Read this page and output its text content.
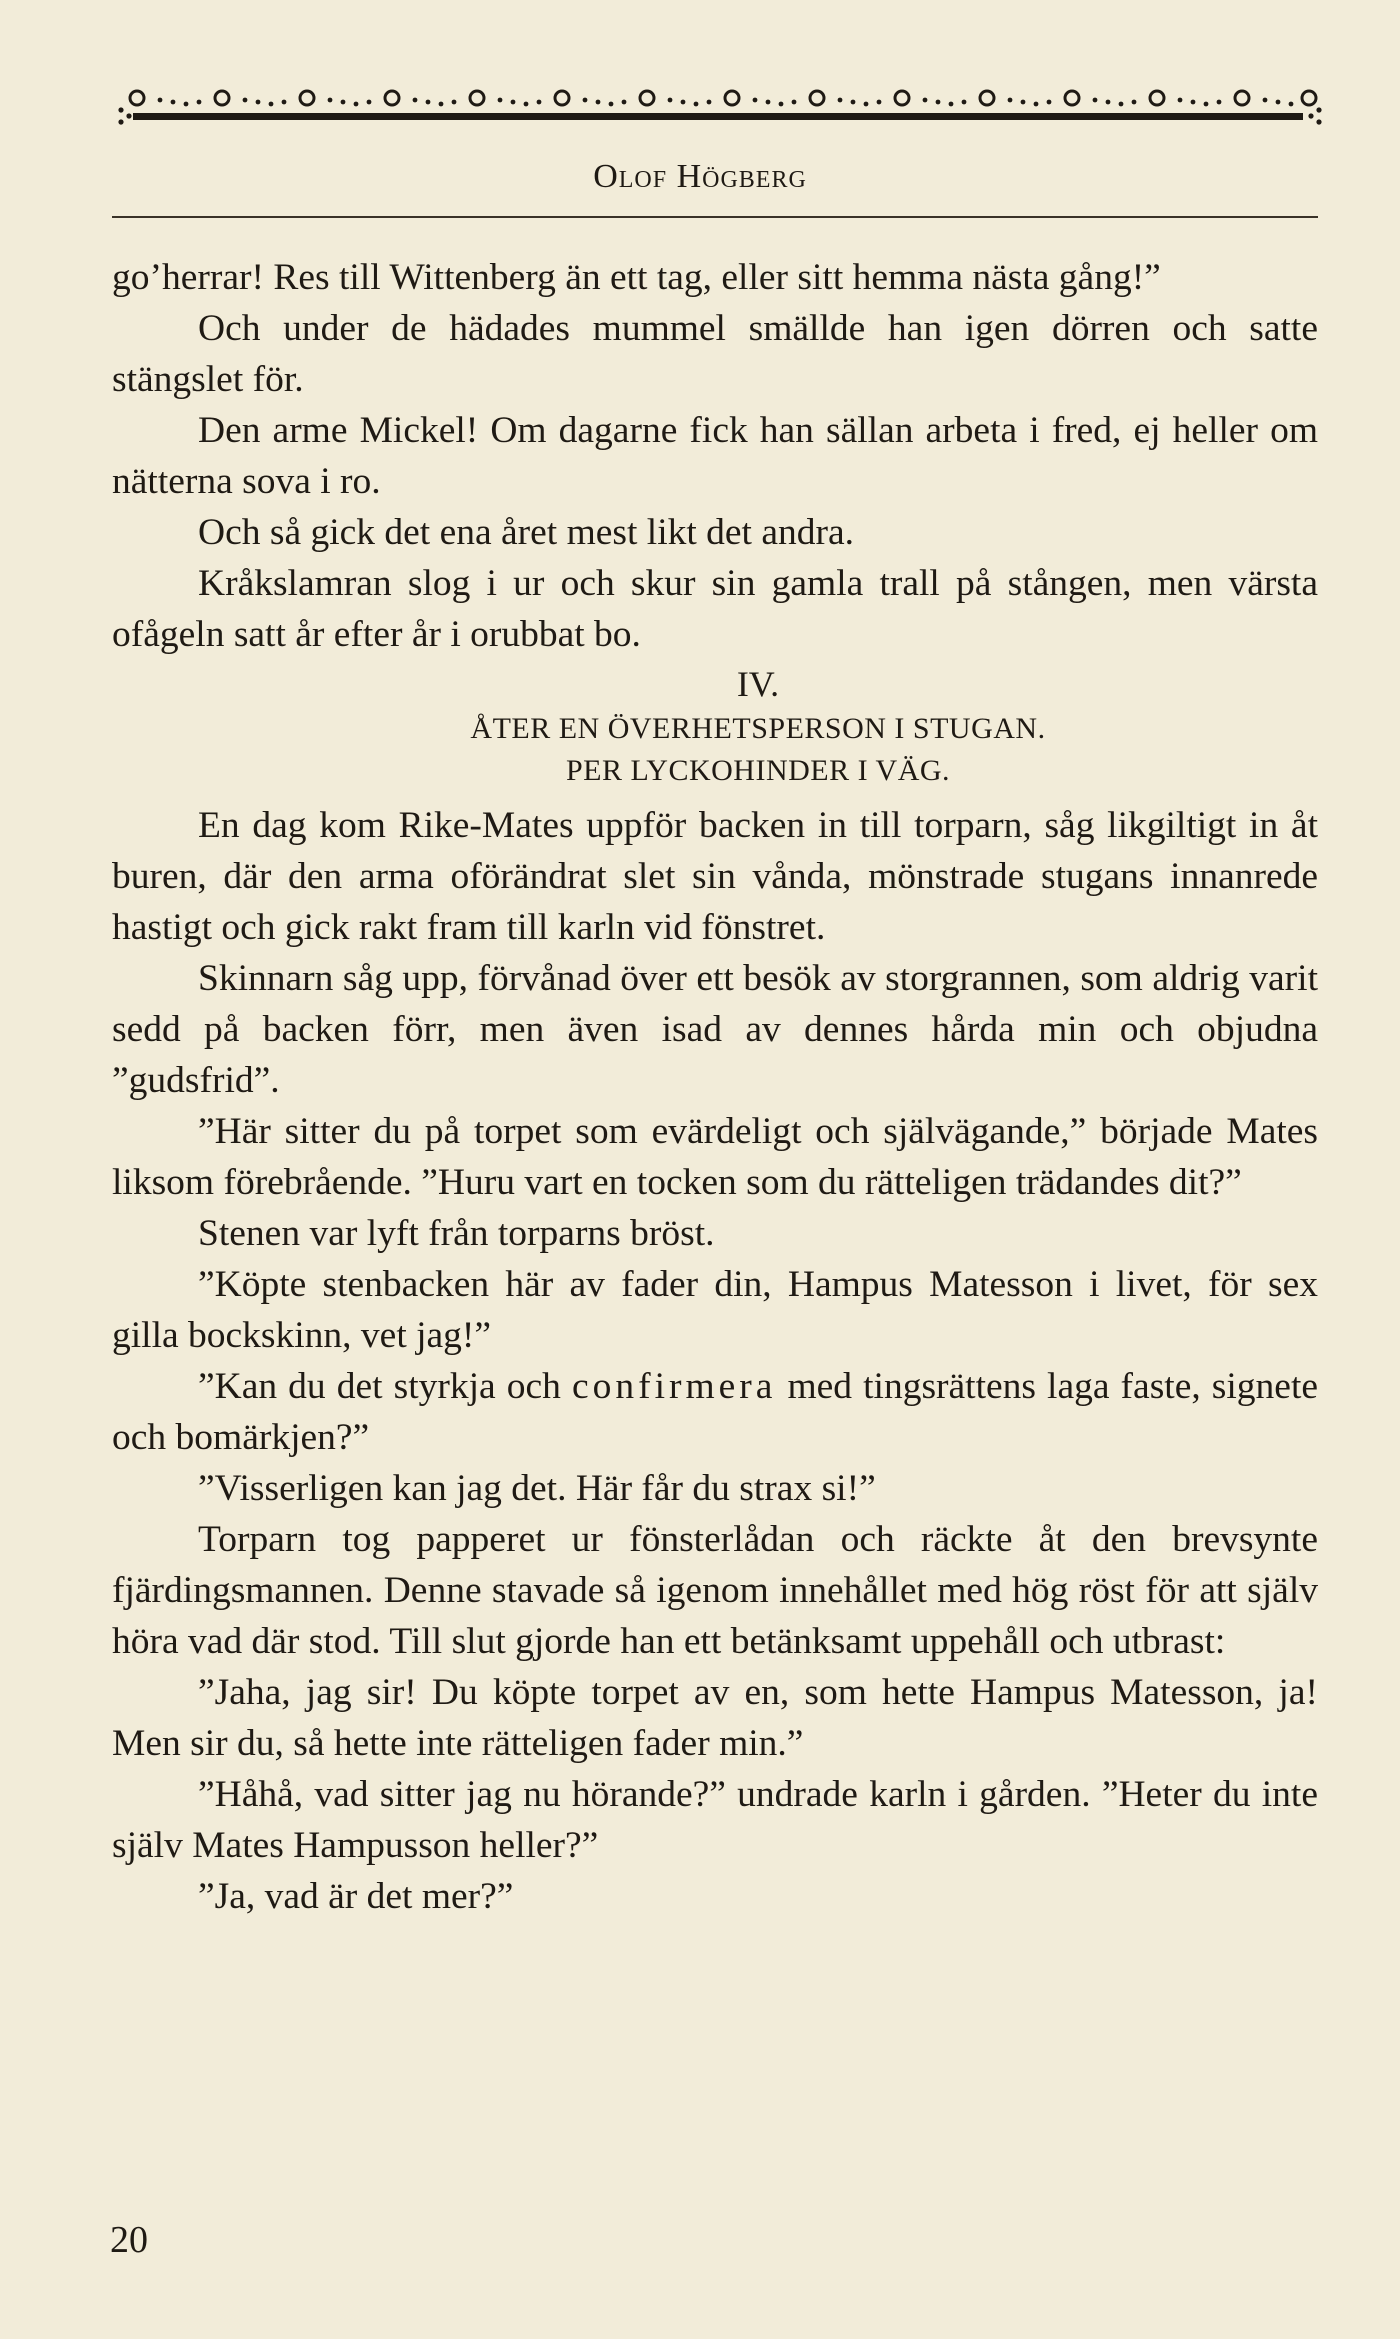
Olof Högberg

go’herrar! Res till Wittenberg än ett tag, eller sitt hemma nästa gång!”

Och under de hädades mummel smällde han igen dörren och satte stängslet för.

Den arme Mickel! Om dagarne fick han sällan arbeta i fred, ej heller om nätterna sova i ro.

Och så gick det ena året mest likt det andra.

Kråkslamran slog i ur och skur sin gamla trall på stången, men värsta ofågeln satt år efter år i orubbat bo.

IV.

ÅTER EN ÖVERHETSPERSON I STUGAN.

PER LYCKOHINDER I VÄG.

En dag kom Rike-Mates uppför backen in till torparn, såg likgiltigt in åt buren, där den arma oförändrat slet sin vånda, mönstrade stugans innanrede hastigt och gick rakt fram till karln vid fönstret.

Skinnarn såg upp, förvånad över ett besök av storgrannen, som aldrig varit sedd på backen förr, men även isad av dennes hårda min och objudna ”gudsfrid”.

”Här sitter du på torpet som evärdeligt och självägande,” började Mates liksom förebrående. ”Huru vart en tocken som du rätteligen trädandes dit?”

Stenen var lyft från torparns bröst.

”Köpte stenbacken här av fader din, Hampus Matesson i livet, för sex gilla bockskinn, vet jag!”

”Kan du det styrkja och confirmera med tingsrättens laga faste, signete och bomärkjen?”

”Visserligen kan jag det. Här får du strax si!”

Torparn tog papperet ur fönsterlådan och räckte åt den brevsynte fjärdingsmannen. Denne stavade så igenom innehållet med hög röst för att själv höra vad där stod. Till slut gjorde han ett betänksamt uppehåll och utbrast:

”Jaha, jag sir! Du köpte torpet av en, som hette Hampus Matesson, ja! Men sir du, så hette inte rätteligen fader min.”

”Håhå, vad sitter jag nu hörande?” undrade karln i gården. ”Heter du inte själv Mates Hampusson heller?”

”Ja, vad är det mer?”

20
